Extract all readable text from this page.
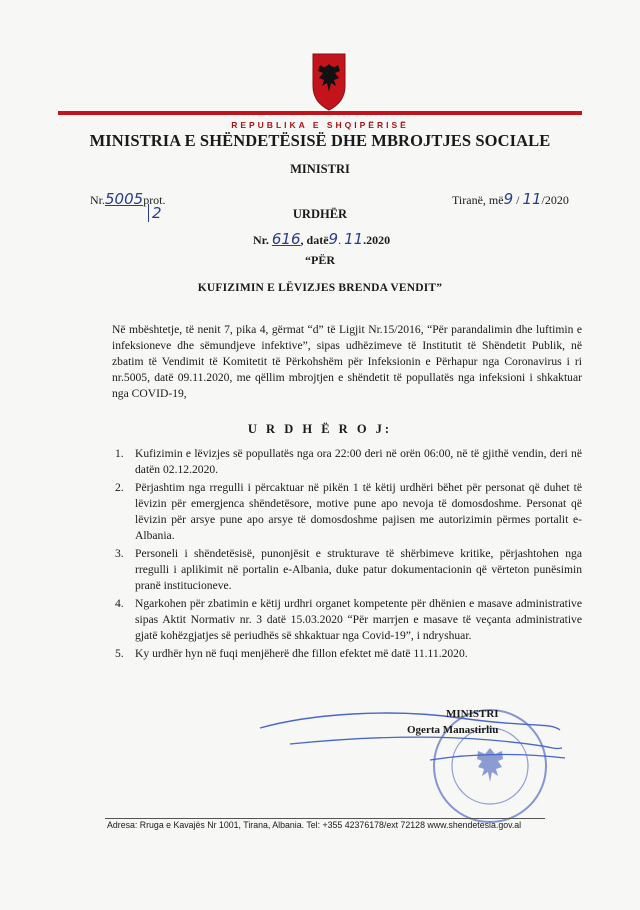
REPUBLIKA E SHQIPËRISË
MINISTRIA E SHËNDETËSISË DHE MBROJTJES SOCIALE
MINISTRI
Nr.5005prot.
2
Tiranë, më9 / 11/2020
URDHËR
Nr. 616, datë9. 11.2020
“PËR
KUFIZIMIN E LËVIZJES BRENDA VENDIT”
Në mbështetje, të nenit 7, pika 4, gërmat “d” të Ligjit Nr.15/2016, “Për parandalimin dhe luftimin e infeksioneve dhe sëmundjeve infektive”, sipas udhëzimeve të Institutit të Shëndetit Publik, në zbatim të Vendimit të Komitetit të Përkohshëm për Infeksionin e Përhapur nga Coronavirus i ri nr.5005, datë 09.11.2020, me qëllim mbrojtjen e shëndetit të popullatës nga infeksioni i shkaktuar nga COVID-19,
U R D H Ë R O J:
1. Kufizimin e lëvizjes së popullatës nga ora 22:00 deri në orën 06:00, në të gjithë vendin, deri në datën 02.12.2020.
2. Përjashtim nga rregulli i përcaktuar në pikën 1 të këtij urdhëri bëhet për personat që duhet të lëvizin për emergjenca shëndetësore, motive pune apo nevoja të domosdoshme. Personat që lëvizin për arsye pune apo arsye të domosdoshme pajisen me autorizimin përmes portalit e-Albania.
3. Personeli i shëndetësisë, punonjësit e strukturave të shërbimeve kritike, përjashtohen nga rregulli i aplikimit në portalin e-Albania, duke patur dokumentacionin që vërteton punësimin pranë institucioneve.
4. Ngarkohen për zbatimin e këtij urdhri organet kompetente për dhënien e masave administrative sipas Aktit Normativ nr. 3 datë 15.03.2020 “Për marrjen e masave të veçanta administrative gjatë kohëzgjatjes së periudhës së shkaktuar nga Covid-19”, i ndryshuar.
5. Ky urdhër hyn në fuqi menjëherë dhe fillon efektet më datë 11.11.2020.
MINISTRI
Ogerta Manastirliu
Adresa: Rruga e Kavajës Nr 1001, Tirana, Albania. Tel: +355 42376178/ext 72128 www.shendetesia.gov.al
